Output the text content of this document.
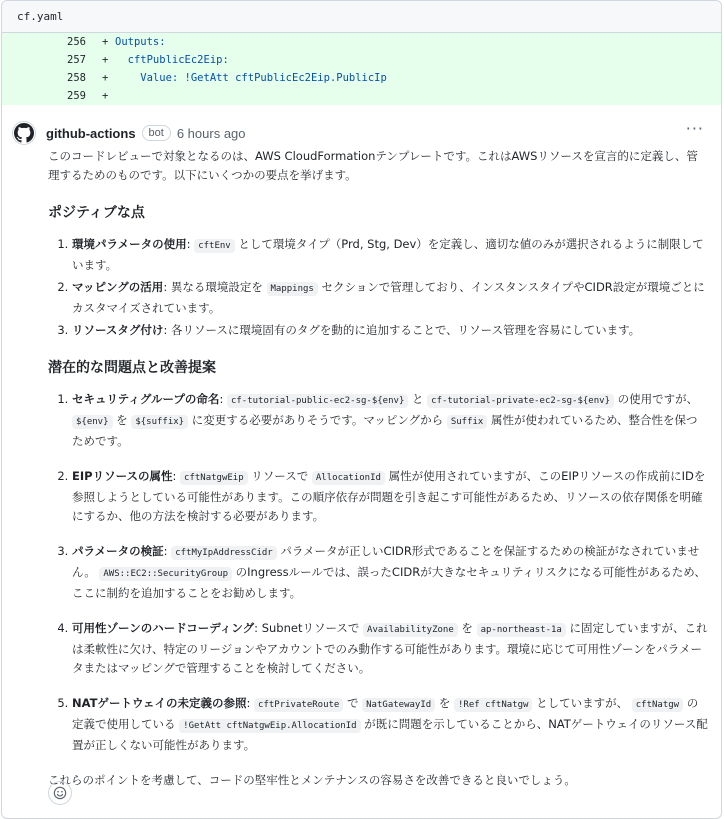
cf.yaml
256 + Outputs:
257 + cftPublicEc2Eip:
258 + Value: !GetAtt cftPublicEc2Eip.PublicIp
259 +
github-actions	bot	6 hours ago	···

このコードレビューで対象となるのは、AWS CloudFormationテンプレートです。これはAWSリソースを宣言的に定義し、管理するためのものです。以下にいくつかの要点を挙げます。

ポジティブな点
1. 環境パラメータの使用: cftEnv として環境タイプ（Prd, Stg, Dev）を定義し、適切な値のみが選択されるように制限しています。
2. マッピングの活用: 異なる環境設定を Mappings セクションで管理しており、インスタンスタイプやCIDR設定が環境ごとにカスタマイズされています。
3. リソースタグ付け: 各リソースに環境固有のタグを動的に追加することで、リソース管理を容易にしています。
潜在的な問題点と改善提案
1. セキュリティグループの命名: cf-tutorial-public-ec2-sg-${env} と cf-tutorial-private-ec2-sg-${env} の使用ですが、 ${env} を ${suffix} に変更する必要がありそうです。マッピングから Suffix 属性が使われているため、整合性を保つためです。
2. EIPリソースの属性: cftNatgwEip リソースで AllocationId 属性が使用されていますが、このEIPリソースの作成前にIDを参照しようとしている可能性があります。この順序依存が問題を引き起こす可能性があるため、リソースの依存関係を明確にするか、他の方法を検討する必要があります。
3. パラメータの検証: cftMyIpAddressCidr パラメータが正しいCIDR形式であることを保証するための検証がなされていません。 AWS::EC2::SecurityGroup のIngressルールでは、誤ったCIDRが大きなセキュリティリスクになる可能性があるため、ここに制約を追加することをお勧めします。
4. 可用性ゾーンのハードコーディング: Subnetリソースで AvailabilityZone を ap-northeast-1a に固定していますが、これは柔軟性に欠け、特定のリージョンやアカウントでのみ動作する可能性があります。環境に応じて可用性ゾーンをパラメータまたはマッピングで管理することを検討してください。
5. NATゲートウェイの未定義の参照: cftPrivateRoute で NatGatewayId を !Ref cftNatgw としていますが、 cftNatgw の定義で使用している !GetAtt cftNatgwEip.AllocationId が既に問題を示していることから、NATゲートウェイのリソース配置が正しくない可能性があります。

これらのポイントを考慮して、コードの堅牢性とメンテナンスの容易さを改善できると良いでしょう。
